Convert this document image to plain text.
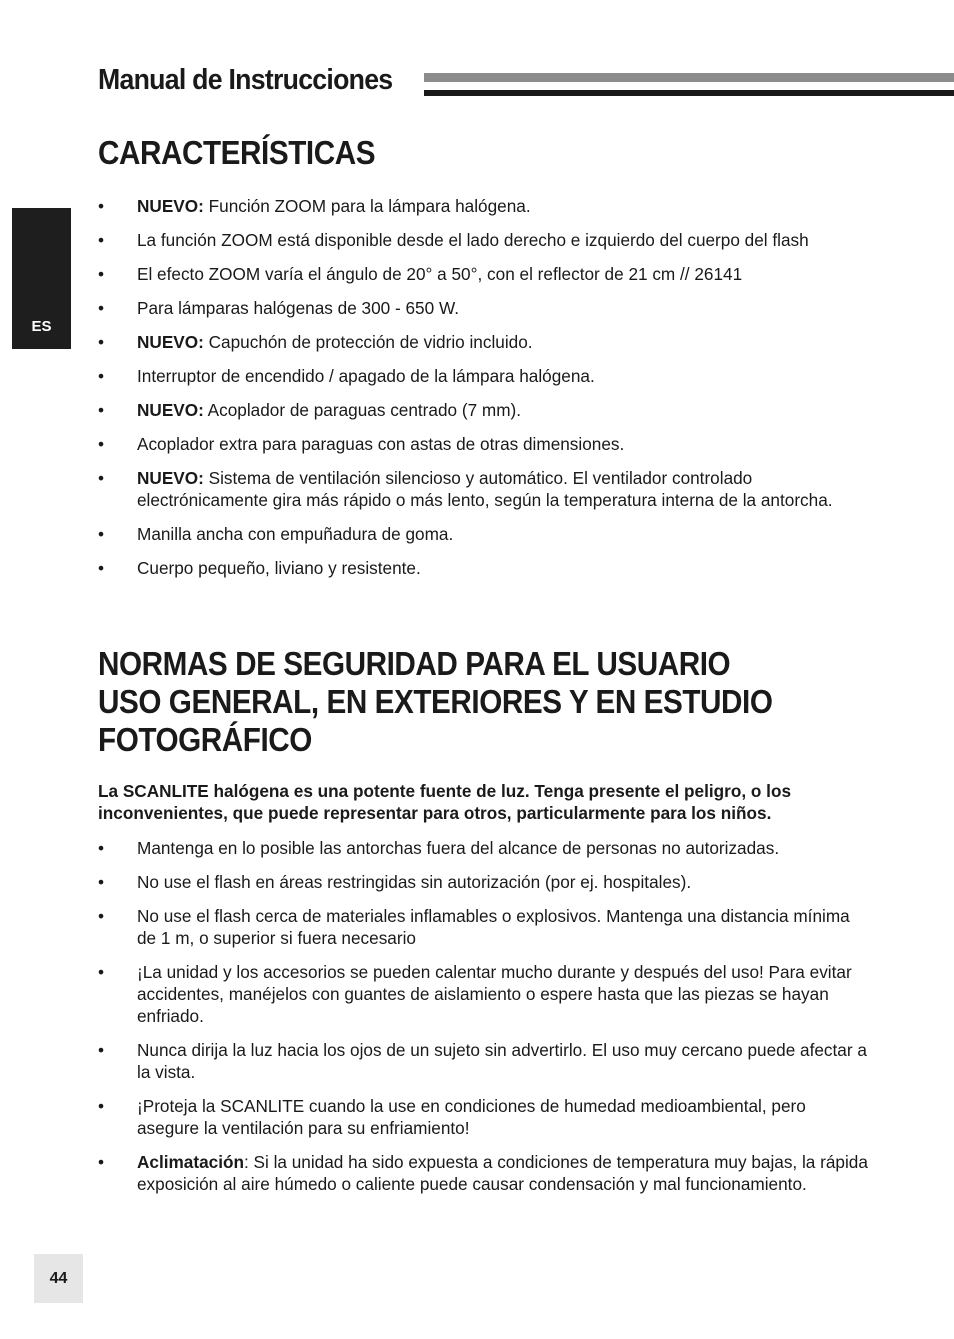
Manual de Instrucciones
ES
CARACTERÍSTICAS
• NUEVO: Función ZOOM para la lámpara halógena.
• La función ZOOM está disponible desde el lado derecho e izquierdo del cuerpo del flash
• El efecto ZOOM varía el ángulo de 20° a 50°, con el reflector de 21 cm // 26141
• Para lámparas halógenas de 300 - 650 W.
• NUEVO: Capuchón de protección de vidrio incluido.
• Interruptor de encendido / apagado de la lámpara halógena.
• NUEVO: Acoplador de paraguas centrado (7 mm).
• Acoplador extra para paraguas con astas de otras dimensiones.
• NUEVO: Sistema de ventilación silencioso y automático. El ventilador controlado electrónicamente gira más rápido o más lento, según la temperatura interna de la antorcha.
• Manilla ancha con empuñadura de goma.
• Cuerpo pequeño, liviano y resistente.
NORMAS DE SEGURIDAD PARA EL USUARIO
USO GENERAL, EN EXTERIORES Y EN ESTUDIO
FOTOGRÁFICO

La SCANLITE halógena es una potente fuente de luz. Tenga presente el peligro, o los inconvenientes, que puede representar para otros, particularmente para los niños.

• Mantenga en lo posible las antorchas fuera del alcance de personas no autorizadas.
• No use el flash en áreas restringidas sin autorización (por ej. hospitales).
• No use el flash cerca de materiales inflamables o explosivos. Mantenga una distancia mínima de 1 m, o superior si fuera necesario
• ¡La unidad y los accesorios se pueden calentar mucho durante y después del uso! Para evitar accidentes, manéjelos con guantes de aislamiento o espere hasta que las piezas se hayan enfriado.
• Nunca dirija la luz hacia los ojos de un sujeto sin advertirlo. El uso muy cercano puede afectar a la vista.
• ¡Proteja la SCANLITE cuando la use en condiciones de humedad medioambiental, pero asegure la ventilación para su enfriamiento!
• Aclimatación: Si la unidad ha sido expuesta a condiciones de temperatura muy bajas, la rápida exposición al aire húmedo o caliente puede causar condensación y mal funcionamiento.
44
